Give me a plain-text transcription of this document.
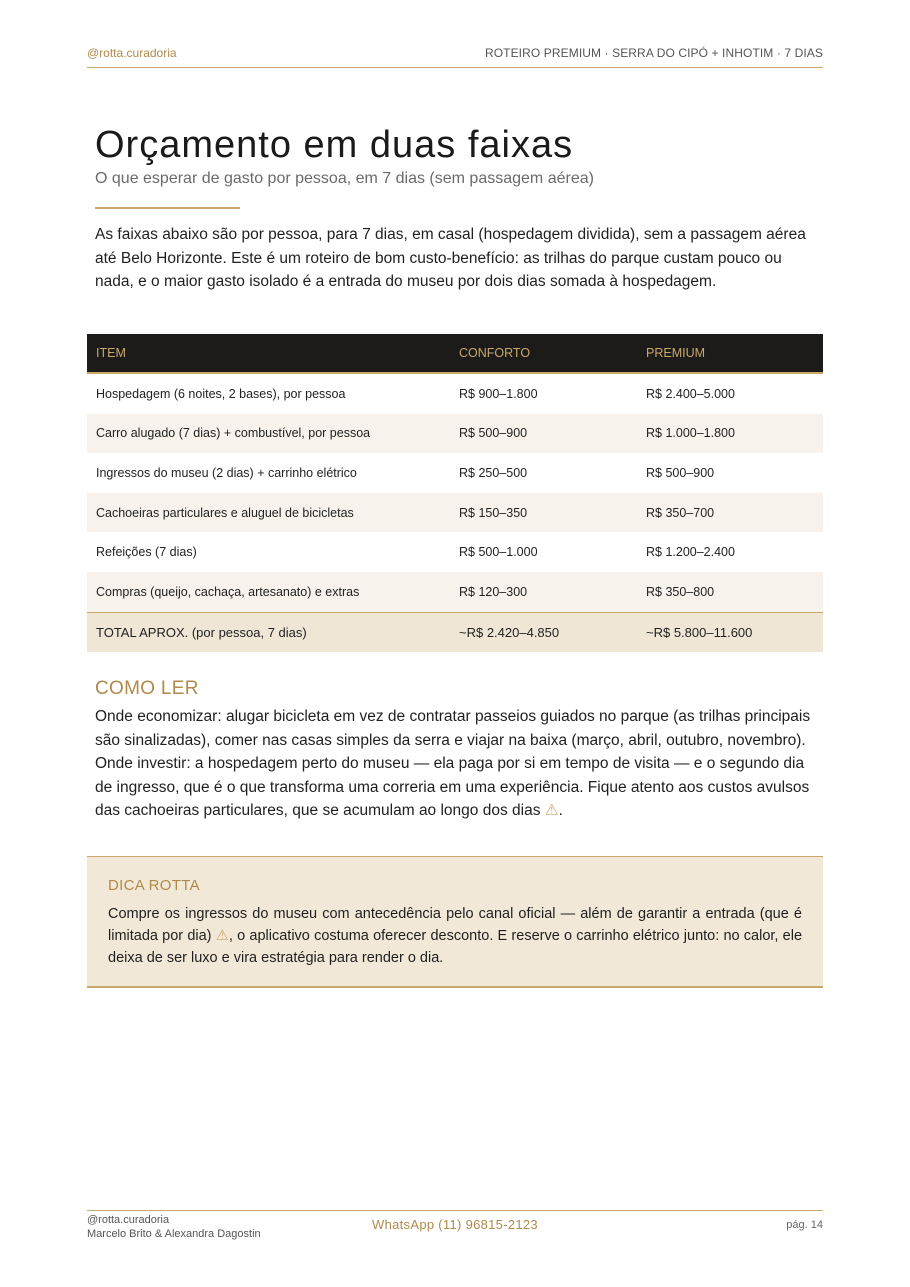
@rotta.curadoria	ROTEIRO PREMIUM · SERRA DO CIPÓ + INHOTIM · 7 DIAS
Orçamento em duas faixas
O que esperar de gasto por pessoa, em 7 dias (sem passagem aérea)

As faixas abaixo são por pessoa, para 7 dias, em casal (hospedagem dividida), sem a passagem aérea até Belo Horizonte. Este é um roteiro de bom custo-benefício: as trilhas do parque custam pouco ou nada, e o maior gasto isolado é a entrada do museu por dois dias somada à hospedagem.

ITEM	CONFORTO	PREMIUM
Hospedagem (6 noites, 2 bases), por pessoa	R$ 900–1.800	R$ 2.400–5.000
Carro alugado (7 dias) + combustível, por pessoa	R$ 500–900	R$ 1.000–1.800
Ingressos do museu (2 dias) + carrinho elétrico	R$ 250–500	R$ 500–900
Cachoeiras particulares e aluguel de bicicletas	R$ 150–350	R$ 350–700
Refeições (7 dias)	R$ 500–1.000	R$ 1.200–2.400
Compras (queijo, cachaça, artesanato) e extras	R$ 120–300	R$ 350–800
TOTAL APROX. (por pessoa, 7 dias)	~R$ 2.420–4.850	~R$ 5.800–11.600
COMO LER

Onde economizar: alugar bicicleta em vez de contratar passeios guiados no parque (as trilhas principais são sinalizadas), comer nas casas simples da serra e viajar na baixa (março, abril, outubro, novembro). Onde investir: a hospedagem perto do museu — ela paga por si em tempo de visita — e o segundo dia de ingresso, que é o que transforma uma correria em uma experiência. Fique atento aos custos avulsos das cachoeiras particulares, que se acumulam ao longo dos dias ⚠.

DICA ROTTA

Compre os ingressos do museu com antecedência pelo canal oficial — além de garantir a entrada (que é limitada por dia) ⚠, o aplicativo costuma oferecer desconto. E reserve o carrinho elétrico junto: no calor, ele deixa de ser luxo e vira estratégia para render o dia.

@rotta.curadoria
Marcelo Brito & Alexandra Dagostin
WhatsApp (11) 96815-2123	pág. 14
